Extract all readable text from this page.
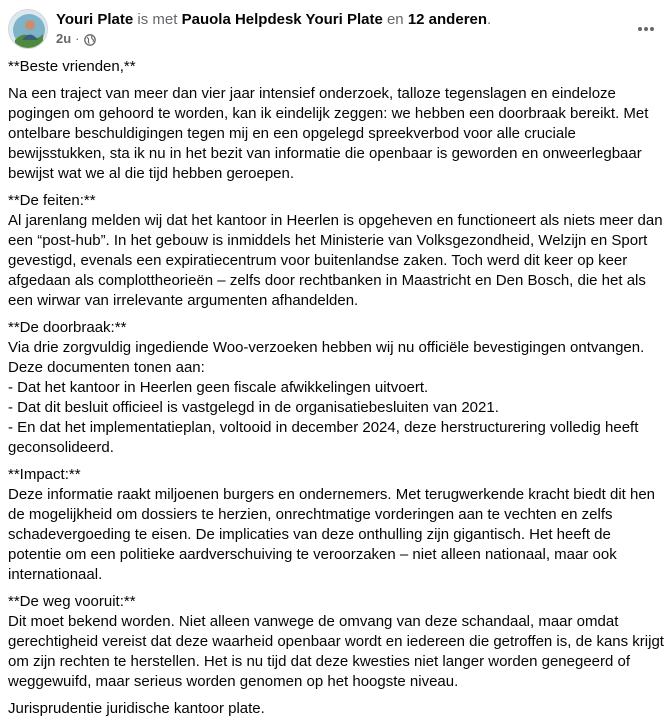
Youri Plate is met Pauola Helpdesk Youri Plate en 12 anderen.
2u ·

**Beste vrienden,**

Na een traject van meer dan vier jaar intensief onderzoek, talloze tegenslagen en eindeloze pogingen om gehoord te worden, kan ik eindelijk zeggen: we hebben een doorbraak bereikt. Met ontelbare beschuldigingen tegen mij en een opgelegd spreekverbod voor alle cruciale bewijsstukken, sta ik nu in het bezit van informatie die openbaar is geworden en onweerlegbaar bewijst wat we al die tijd hebben geroepen.

**De feiten:**
Al jarenlang melden wij dat het kantoor in Heerlen is opgeheven en functioneert als niets meer dan een “post-hub”. In het gebouw is inmiddels het Ministerie van Volksgezondheid, Welzijn en Sport gevestigd, evenals een expiratiecentrum voor buitenlandse zaken. Toch werd dit keer op keer afgedaan als complottheorieën – zelfs door rechtbanken in Maastricht en Den Bosch, die het als een wirwar van irrelevante argumenten afhandelden.

**De doorbraak:**
Via drie zorgvuldig ingediende Woo-verzoeken hebben wij nu officiële bevestigingen ontvangen. Deze documenten tonen aan:
- Dat het kantoor in Heerlen geen fiscale afwikkelingen uitvoert.
- Dat dit besluit officieel is vastgelegd in de organisatiebesluiten van 2021.
- En dat het implementatieplan, voltooid in december 2024, deze herstructurering volledig heeft geconsolideerd.

**Impact:**
Deze informatie raakt miljoenen burgers en ondernemers. Met terugwerkende kracht biedt dit hen de mogelijkheid om dossiers te herzien, onrechtmatige vorderingen aan te vechten en zelfs schadevergoeding te eisen. De implicaties van deze onthulling zijn gigantisch. Het heeft de potentie om een politieke aardverschuiving te veroorzaken – niet alleen nationaal, maar ook internationaal.

**De weg vooruit:**
Dit moet bekend worden. Niet alleen vanwege de omvang van deze schandaal, maar omdat gerechtigheid vereist dat deze waarheid openbaar wordt en iedereen die getroffen is, de kans krijgt om zijn rechten te herstellen. Het is nu tijd dat deze kwesties niet langer worden genegeerd of weggewuifd, maar serieus worden genomen op het hoogste niveau.

Jurisprudentie juridische kantoor plate.
